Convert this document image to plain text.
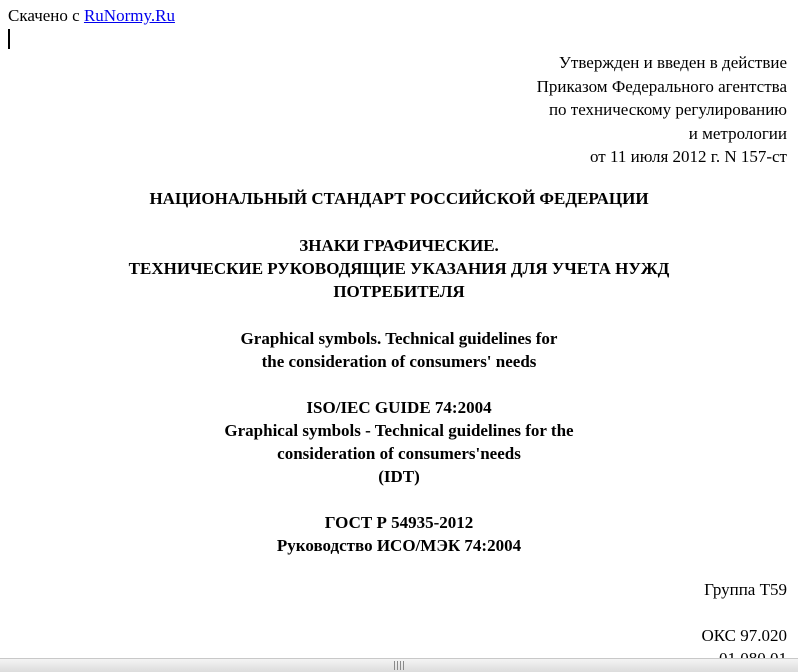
Скачено с RuNormy.Ru
Утвержден и введен в действие
Приказом Федерального агентства
по техническому регулированию
и метрологии
от 11 июля 2012 г. N 157-ст
НАЦИОНАЛЬНЫЙ СТАНДАРТ РОССИЙСКОЙ ФЕДЕРАЦИИ
ЗНАКИ ГРАФИЧЕСКИЕ.
ТЕХНИЧЕСКИЕ РУКОВОДЯЩИЕ УКАЗАНИЯ ДЛЯ УЧЕТА НУЖД
ПОТРЕБИТЕЛЯ
Graphical symbols. Technical guidelines for
the consideration of consumers' needs
ISO/IEC GUIDE 74:2004
Graphical symbols - Technical guidelines for the
consideration of consumers'needs
(IDT)
ГОСТ Р 54935-2012
Руководство ИСО/МЭК 74:2004
Группа Т59
ОКС 97.020
